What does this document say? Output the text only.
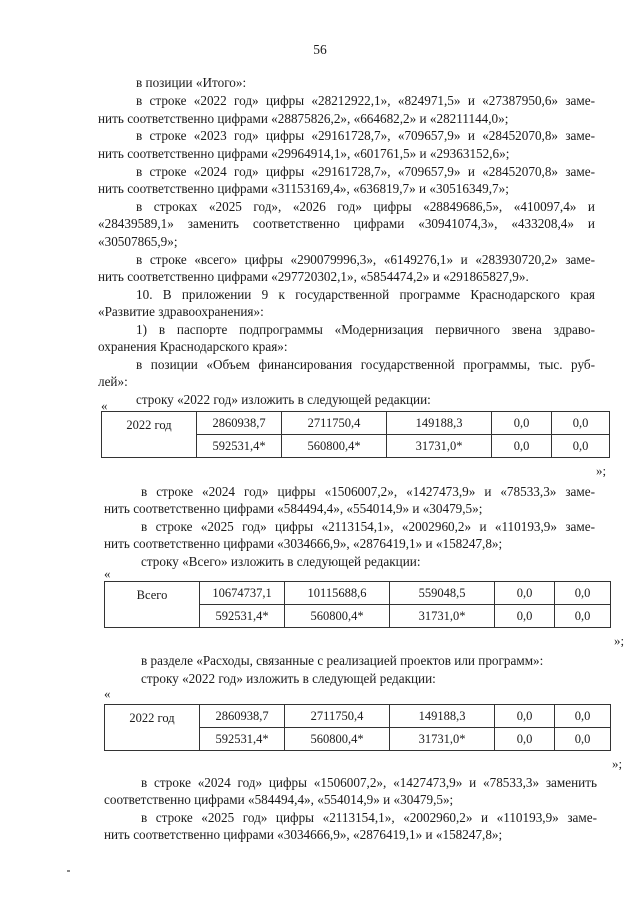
56
в позиции «Итого»:
в строке «2022 год» цифры «28212922,1», «824971,5» и «27387950,6» заме-
нить соответственно цифрами «28875826,2», «664682,2» и «28211144,0»;
в строке «2023 год» цифры «29161728,7», «709657,9» и «28452070,8» заме-
нить соответственно цифрами «29964914,1», «601761,5» и «29363152,6»;
в строке «2024 год» цифры «29161728,7», «709657,9» и «28452070,8» заме-
нить соответственно цифрами «31153169,4», «636819,7» и «30516349,7»;
в строках «2025 год», «2026 год» цифры «28849686,5», «410097,4» и
«28439589,1» заменить соответственно цифрами «30941074,3», «433208,4» и
«30507865,9»;
в строке «всего» цифры «290079996,3», «6149276,1» и «283930720,2» заме-
нить соответственно цифрами «297720302,1», «5854474,2» и «291865827,9».
10. В приложении 9 к государственной программе Краснодарского края
«Развитие здравоохранения»:
1) в паспорте подпрограммы «Модернизация первичного звена здраво-
охранения Краснодарского края»:
в позиции «Объем финансирования государственной программы, тыс. руб-
лей»:
строку «2022 год» изложить в следующей редакции:
«
2022 год	2860938,7	2711750,4	149188,3	0,0	0,0
	592531,4*	560800,4*	31731,0*	0,0	0,0
»;
в строке «2024 год» цифры «1506007,2», «1427473,9» и «78533,3» заме-
нить соответственно цифрами «584494,4», «554014,9» и «30479,5»;
в строке «2025 год» цифры «2113154,1», «2002960,2» и «110193,9» заме-
нить соответственно цифрами «3034666,9», «2876419,1» и «158247,8»;
строку «Всего» изложить в следующей редакции:
«
Всего	10674737,1	10115688,6	559048,5	0,0	0,0
	592531,4*	560800,4*	31731,0*	0,0	0,0
»;
в разделе «Расходы, связанные с реализацией проектов или программ»:
строку «2022 год» изложить в следующей редакции:
«
2022 год	2860938,7	2711750,4	149188,3	0,0	0,0
	592531,4*	560800,4*	31731,0*	0,0	0,0
»;
в строке «2024 год» цифры «1506007,2», «1427473,9» и «78533,3» заменить
соответственно цифрами «584494,4», «554014,9» и «30479,5»;
в строке «2025 год» цифры «2113154,1», «2002960,2» и «110193,9» заме-
нить соответственно цифрами «3034666,9», «2876419,1» и «158247,8»;
